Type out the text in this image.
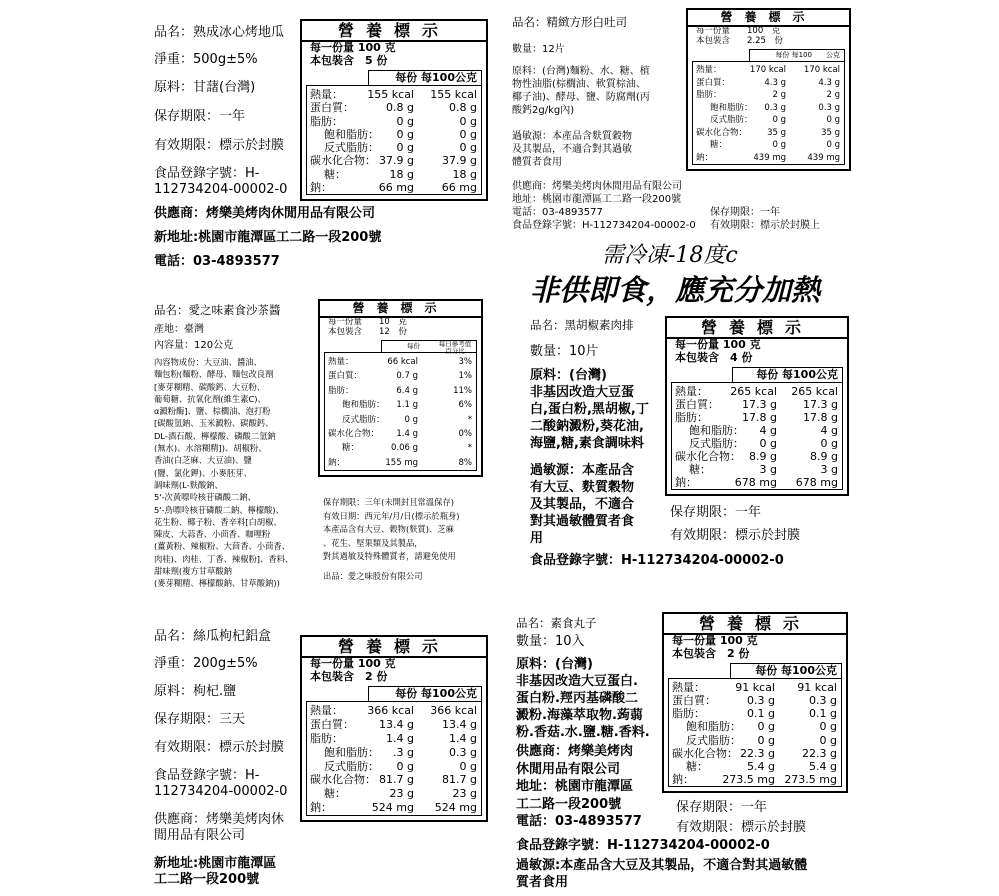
品名：熟成冰心烤地瓜
淨重：500g±5%
原料：甘藷(台灣)
保存期限：一年
有效期限：標示於封膜
食品登錄字號：H-
112734204-00002-0
供應商：烤樂美烤肉休閒用品有限公司
新地址:桃園市龍潭區工二路一段200號
電話：03-4893577
營養標示
每一份量 100 克
本包裝含　5 份
每份 每100公克
熱量： 155 kcal 155 kcal
蛋白質：	0.8 g	0.8 g
脂肪：	0 g	0 g
飽和脂肪： 0 g	0 g
反式脂肪： 0 g	0 g
碳水化合物： 37.9 g	37.9 g
糖：	18 g	18 g
鈉：	66 mg	66 mg
品名：精緻方形白吐司
數量：12片
原料：(台灣)麵粉、水、糖、植
物性油脂(棕櫚油、軟質棕油、
椰子油)、酵母、鹽、防腐劑(丙
酸鈣2g/kg內)
過敏源：本產品含麩質穀物
及其製品，不適合對其過敏
體質者食用
供應商：烤樂美烤肉休閒用品有限公司
地址：桃園市龍潭區工二路一段200號
電話：03-4893577
食品登錄字號：H-112734204-00002-0
保存期限：一年
有效期限：標示於封膜上
營養標示
每一份量　　100　克
本包裝含　　2.25　份
每份 每100　　公克
熱量：	170 kcal 170 kcal
蛋白質：	4.3 g	4.3 g
脂肪：	2 g	2 g
飽和脂肪： 0.3 g	0.3 g
反式脂肪： 0 g	0 g
碳水化合物： 35 g	35 g
糖：	0 g	0 g
鈉：	439 mg	439 mg
需冷凍-18度c
非供即食，應充分加熱
品名：愛之味素食沙茶醬
產地：臺灣
內容量：120公克
內容物成份：大豆油、醬油、
麵包粉(麵粉、酵母、麵包改良劑
[麥芽糊精、碳酸鈣、大豆粉、
葡萄糖、抗氧化劑(維生素C)、
α澱粉酶]、鹽、棕櫚油、泡打粉
[碳酸氫鈉、玉米澱粉、碳酸鈣、
DL-酒石酸、檸檬酸、磷酸二氫鈉
(無水)、水溶糊精])、胡椒粉、
香油(白芝麻、大豆油)、鹽
(鹽、氯化鉀)、小麥胚芽、
調味劑(L-麩酸鈉、
5'-次黃嘌呤核苷磷酸二鈉、
5'-鳥嘌呤核苷磷酸二鈉、檸檬酸)、
花生粉、椰子粉、香辛料[白胡椒、
陳皮、大蒜香、小茴香、咖哩粉
(薑黃粉、辣椒粉、大茴香、小茴香、
肉桂)、肉桂、丁香、辣椒粉]、香料、
甜味劑(複方甘草酸鈉
(麥芽糊精、檸檬酸鈉、甘草酸鈉))
保存期限：三年(未開封且常溫保存)
有效日期：西元年/月/日(標示於瓶身)
本產品含有大豆、穀物(麩質)、芝麻
、花生、堅果類及其製品，
對其過敏及特殊體質者，請避免使用
出品：愛之味股份有限公司
營養標示
每一份量　　10　克
本包裝含　　12　份
每份	每日參考值百分比
熱量：	66 kcal	3%
蛋白質：	0.7 g	1%
脂肪：	6.4 g	11%
飽和脂肪： 1.1 g	6%
反式脂肪： 0 g	*
碳水化合物： 1.4 g	0%
糖：	0.06 g	*
鈉：	155 mg	8%
品名：黑胡椒素肉排
數量：10片
原料：(台灣)
非基因改造大豆蛋
白,蛋白粉,黑胡椒,丁
二酸鈉澱粉,葵花油,
海鹽,糖,素食調味料
過敏源：本產品含
有大豆、麩質穀物
及其製品，不適合
對其過敏體質者食
用
保存期限：一年
有效期限：標示於封膜
食品登錄字號：H-112734204-00002-0
營養標示
每一份量 100 克
本包裝含　4 份
每份 每100公克
熱量： 265 kcal 265 kcal
蛋白質： 17.3 g 17.3 g
脂肪：	17.8 g 17.8 g
飽和脂肪： 4 g	4 g
反式脂肪： 0 g	0 g
碳水化合物： 8.9 g	8.9 g
糖：	3 g	3 g
鈉：	678 mg 678 mg
品名：絲瓜枸杞鋁盒
淨重：200g±5%
原料：枸杞.鹽
保存期限：三天
有效期限：標示於封膜
食品登錄字號：H-
112734204-00002-0
供應商：烤樂美烤肉休
閒用品有限公司
新地址:桃園市龍潭區
工二路一段200號
營養標示
每一份量 100 克
本包裝含　2 份
每份 每100公克
熱量： 366 kcal 366 kcal
蛋白質： 13.4 g	13.4 g
脂肪：	1.4 g	1.4 g
飽和脂肪： .3 g	0.3 g
反式脂肪： 0 g	0 g
碳水化合物： 81.7 g	81.7 g
糖：	23 g	23 g
鈉：	524 mg 524 mg
品名：素食丸子
數量：10入
原料：(台灣)
非基因改造大豆蛋白.
蛋白粉.羥丙基磷酸二
澱粉.海藻萃取物.蒟蒻
粉.香菇.水.鹽.糖.香料.
供應商：烤樂美烤肉
休閒用品有限公司
地址：桃園市龍潭區
工二路一段200號
電話：03-4893577
保存期限：一年
有效期限：標示於封膜
食品登錄字號：H-112734204-00002-0
過敏源:本產品含大豆及其製品，不適合對其過敏體
質者食用
營養標示
每一份量 100 克
本包裝含　2 份
每份 每100公克
熱量：	91 kcal 91 kcal
蛋白質：	0.3 g	0.3 g
脂肪：	0.1 g	0.1 g
飽和脂肪： 0 g	0 g
反式脂肪： 0 g	0 g
碳水化合物： 22.3 g 22.3 g
糖：	5.4 g	5.4 g
鈉：	273.5 mg 273.5 mg
